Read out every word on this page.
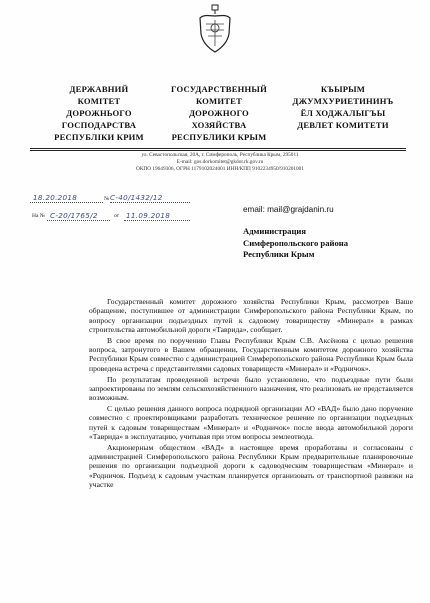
ДЕРЖАВНИЙ
КОМІТЕТ
ДОРОЖНЬОГО
ГОСПОДАРСТВА
РЕСПУБЛІКИ КРИМ
ГОСУДАРСТВЕННЫЙ
КОМИТЕТ
ДОРОЖНОГО
ХОЗЯЙСТВА
РЕСПУБЛИКИ КРЫМ
КЪЫРЫМ
ДЖУМХУРИЕТИНИНЪ
ЁЛ ХОДЖАЛЫГЪЫ
ДЕВЛЕТ КОМИТЕТИ
ул. Севастопольская, 20А, г. Симферополь, Республика Крым, 295011
E-mail: gos.dorkomitet@gkdor.rk.gov.ru
ОКПО 19649306, ОГРН 1179102024001 ИНН/КПП 9102234950/910201001
18.20.2018	С-40/1432/12
№
На № С-20/1765/2	от 11.09.2018
email: mail@grajdanin.ru
Администрация
Симферопольского района
Республики Крым

Государственный комитет дорожного хозяйства Республики Крым, рассмотрев Ваше обращение, поступившее от администрации Симферопольского района Республики Крым, по вопросу организации подъездных путей к садовому товариществу «Минерал» в рамках строительства автомобильной дороги «Таврида», сообщает.

В свое время по поручению Главы Республики Крым С.В. Аксёнова с целью решения вопроса, затронутого в Вашем обращении, Государственным комитетом дорожного хозяйства Республики Крым совместно с администрацией Симферопольского района Республики Крым была проведена встреча с представителями садовых товариществ «Минерал» и «Родничок».

По результатам проведенной встречи было установлено, что подъездные пути были запроектированы по землям сельскохозяйственного назначения, что реализовать не представляется возможным.

С целью решения данного вопроса подрядной организации АО «ВАД» было дано поручение совместно с проектировщиками разработать техническое решение по организации подъездных путей к садовым товариществам «Минерал» и «Родничок» после ввода автомобильной дороги «Таврида» в эксплуатацию, учитывая при этом вопросы землеотвода.

Акционерным обществом «ВАД» в настоящее время проработаны и согласованы с администрацией Симферопольского района Республики Крым предварительные планировочные решения по организации подъездной дороги к садоводческим товариществам «Минерал» и «Родничок. Подъезд к садовым участкам планируется организовать от транспортной развязки на участке
